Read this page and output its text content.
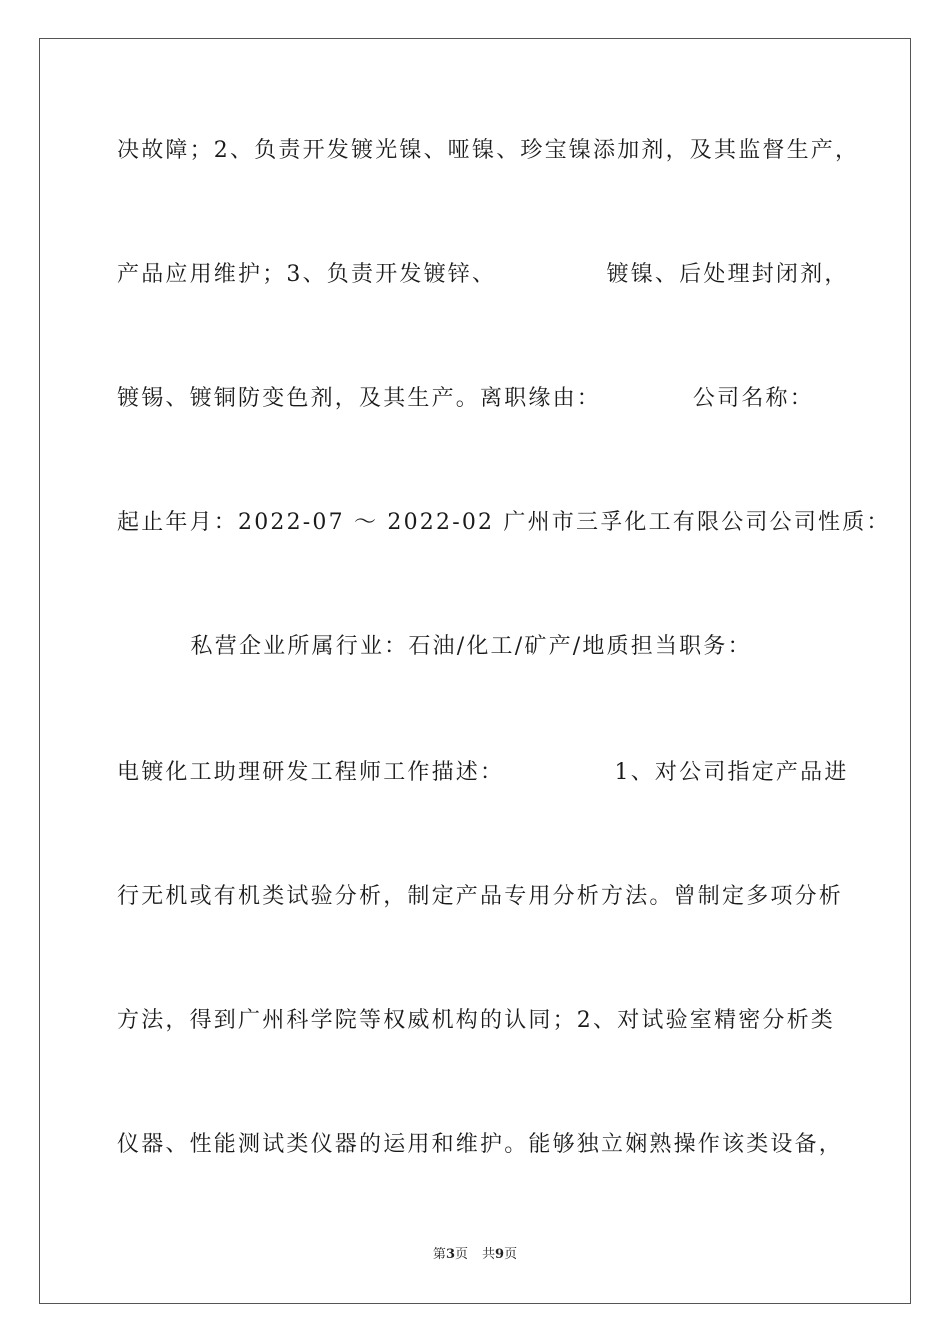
决故障；2、负责开发镀光镍、哑镍、珍宝镍添加剂，及其监督生产，
产品应用维护；3、负责开发镀锌、            镀镍、后处理封闭剂，
镀锡、镀铜防变色剂，及其生产。离职缘由：          公司名称：
起止年月：2022-07 ～ 2022-02 广州市三孚化工有限公司公司性质：
私营企业所属行业：石油/化工/矿产/地质担当职务：
电镀化工助理研发工程师工作描述：            1、对公司指定产品进
行无机或有机类试验分析，制定产品专用分析方法。曾制定多项分析
方法，得到广州科学院等权威机构的认同；2、对试验室精密分析类
仪器、性能测试类仪器的运用和维护。能够独立娴熟操作该类设备，
第3页 共9页
